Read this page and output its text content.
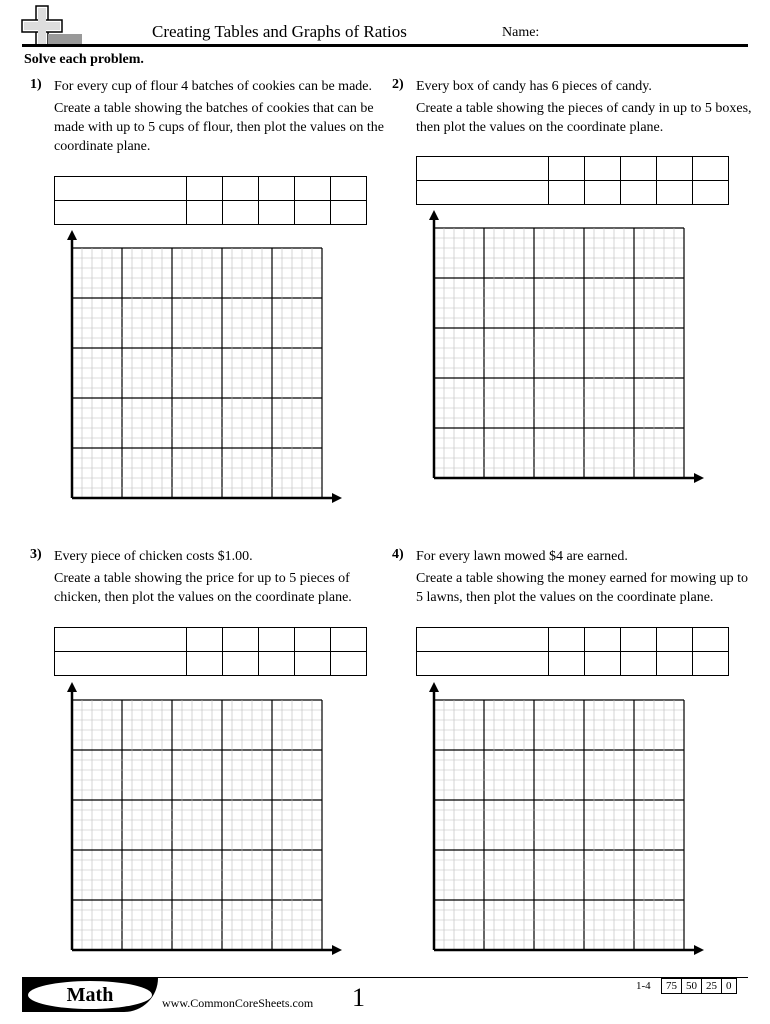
Creating Tables and Graphs of Ratios	Name:
Solve each problem.
1) For every cup of flour 4 batches of cookies can be made.

Create a table showing the batches of cookies that can be made with up to 5 cups of flour, then plot the values on the coordinate plane.

2) Every box of candy has 6 pieces of candy.

Create a table showing the pieces of candy in up to 5 boxes, then plot the values on the coordinate plane.

3) Every piece of chicken costs $1.00.

Create a table showing the price for up to 5 pieces of chicken, then plot the values on the coordinate plane.

4) For every lawn mowed $4 are earned.

Create a table showing the money earned for mowing up to 5 lawns, then plot the values on the coordinate plane.

Math	www.CommonCoreSheets.com 1	1-4 75	50	25	0
